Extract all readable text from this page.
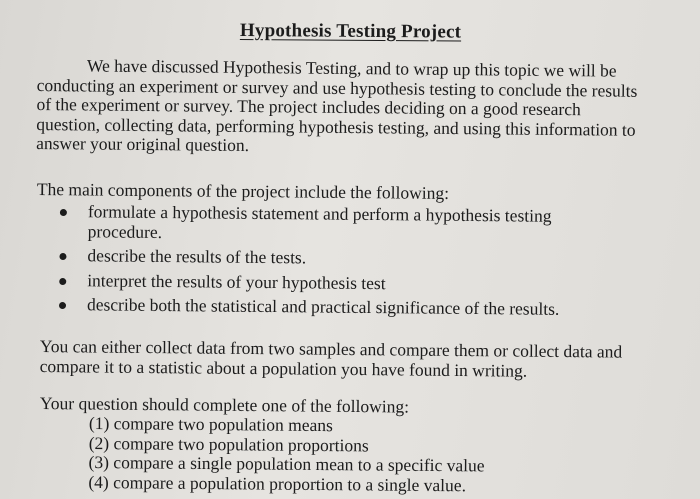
Hypothesis Testing Project

We have discussed Hypothesis Testing, and to wrap up this topic we will be conducting an experiment or survey and use hypothesis testing to conclude the results of the experiment or survey. The project includes deciding on a good research question, collecting data, performing hypothesis testing, and using this information to answer your original question.

The main components of the project include the following:

formulate a hypothesis statement and perform a hypothesis testing procedure.
describe the results of the tests.
interpret the results of your hypothesis test
describe both the statistical and practical significance of the results.

You can either collect data from two samples and compare them or collect data and compare it to a statistic about a population you have found in writing.

Your question should complete one of the following:

(1) compare two population means
(2) compare two population proportions
(3) compare a single population mean to a specific value
(4) compare a population proportion to a single value.
